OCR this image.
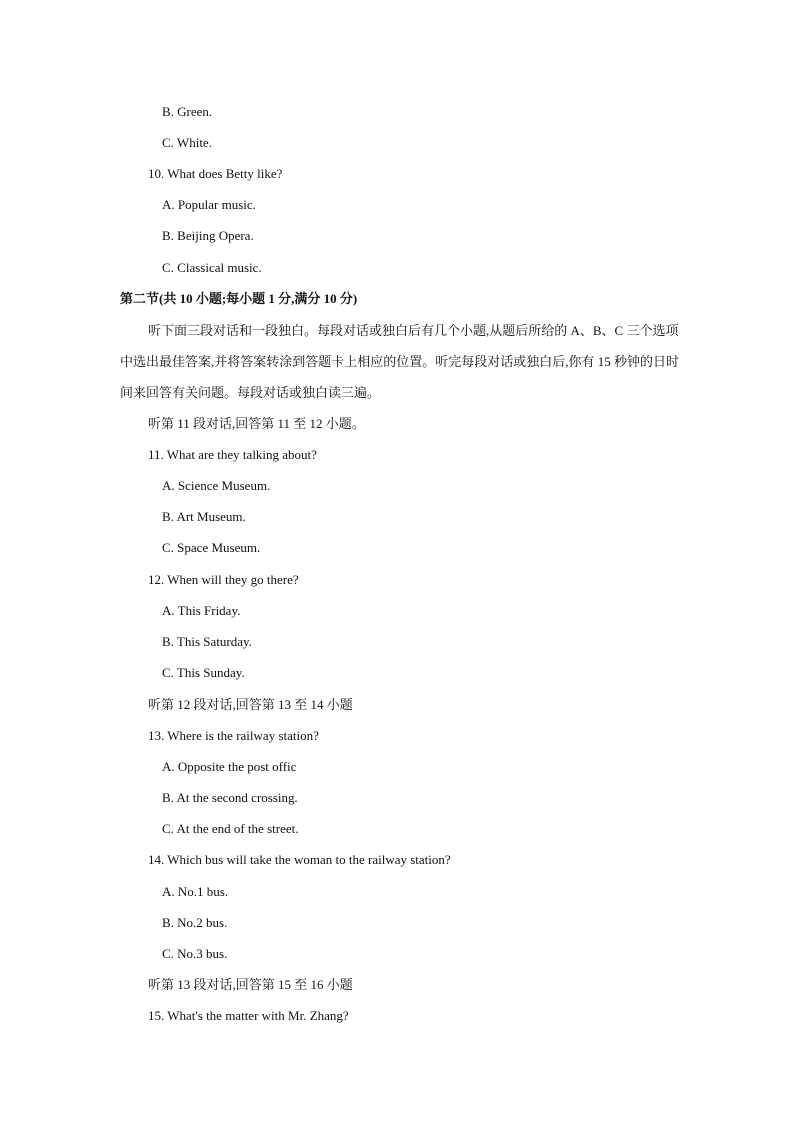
B. Green.
C. White.
10. What does Betty like?
A. Popular music.
B. Beijing Opera.
C. Classical music.
第二节(共 10 小题;每小题 1 分,满分 10 分)
听下面三段对话和一段独白。每段对话或独白后有几个小题,从题后所给的 A、B、C 三个选项中选出最佳答案,并将答案转涂到答题卡上相应的位置。听完每段对话或独白后,你有 15 秒钟的日时间来回答有关问题。每段对话或独白读三遍。
听第 11 段对话,回答第 11 至 12 小题。
11. What are they talking about?
A. Science Museum.
B. Art Museum.
C. Space Museum.
12. When will they go there?
A. This Friday.
B. This Saturday.
C. This Sunday.
听第 12 段对话,回答第 13 至 14 小题
13. Where is the railway station?
A. Opposite the post offic
B. At the second crossing.
C. At the end of the street.
14. Which bus will take the woman to the railway station?
A. No.1 bus.
B. No.2 bus.
C. No.3 bus.
听第 13 段对话,回答第 15 至 16 小题
15. What's the matter with Mr. Zhang?
